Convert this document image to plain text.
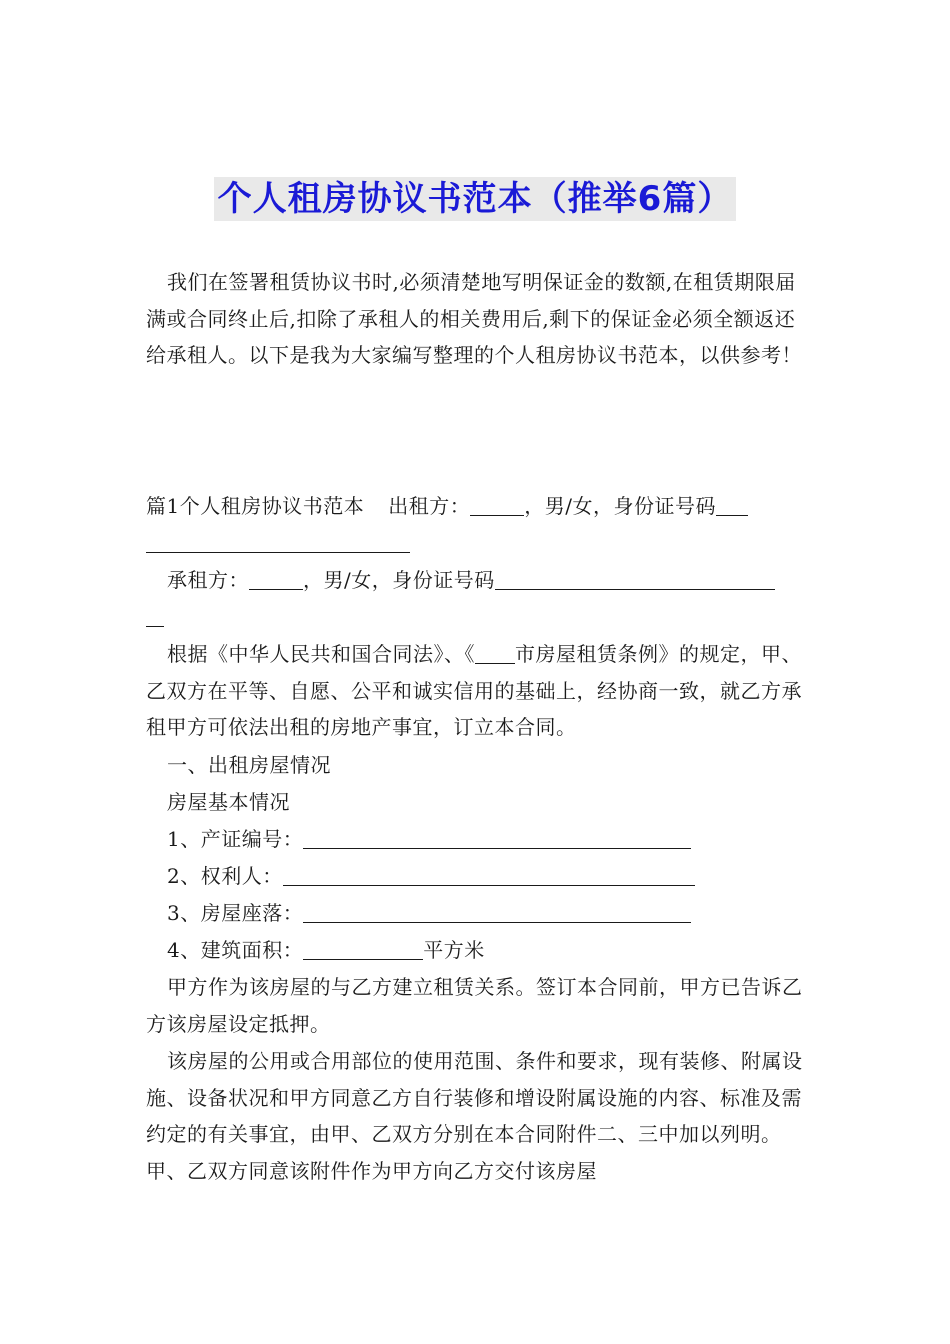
个人租房协议书范本（推举6篇）

我们在签署租赁协议书时,必须清楚地写明保证金的数额,在租赁期限届满或合同终止后,扣除了承租人的相关费用后,剩下的保证金必须全额返还给承租人。以下是我为大家编写整理的个人租房协议书范本，以供参考！

篇1个人租房协议书范本 出租方：	，男/女，身份证号码

承租方：	，男/女，身份证号码

根据《中华人民共和国合同法》、《 市房屋租赁条例》的规定，甲、乙双方在平等、自愿、公平和诚实信用的基础上，经协商一致，就乙方承租甲方可依法出租的房地产事宜，订立本合同。

一、出租房屋情况

房屋基本情况

1、产证编号：

2、权利人：

3、房屋座落：

4、建筑面积：	平方米

甲方作为该房屋的与乙方建立租赁关系。签订本合同前，甲方已告诉乙方该房屋设定抵押。

该房屋的公用或合用部位的使用范围、条件和要求，现有装修、附属设施、设备状况和甲方同意乙方自行装修和增设附属设施的内容、标准及需约定的有关事宜，由甲、乙双方分别在本合同附件二、三中加以列明。甲、乙双方同意该附件作为甲方向乙方交付该房屋
